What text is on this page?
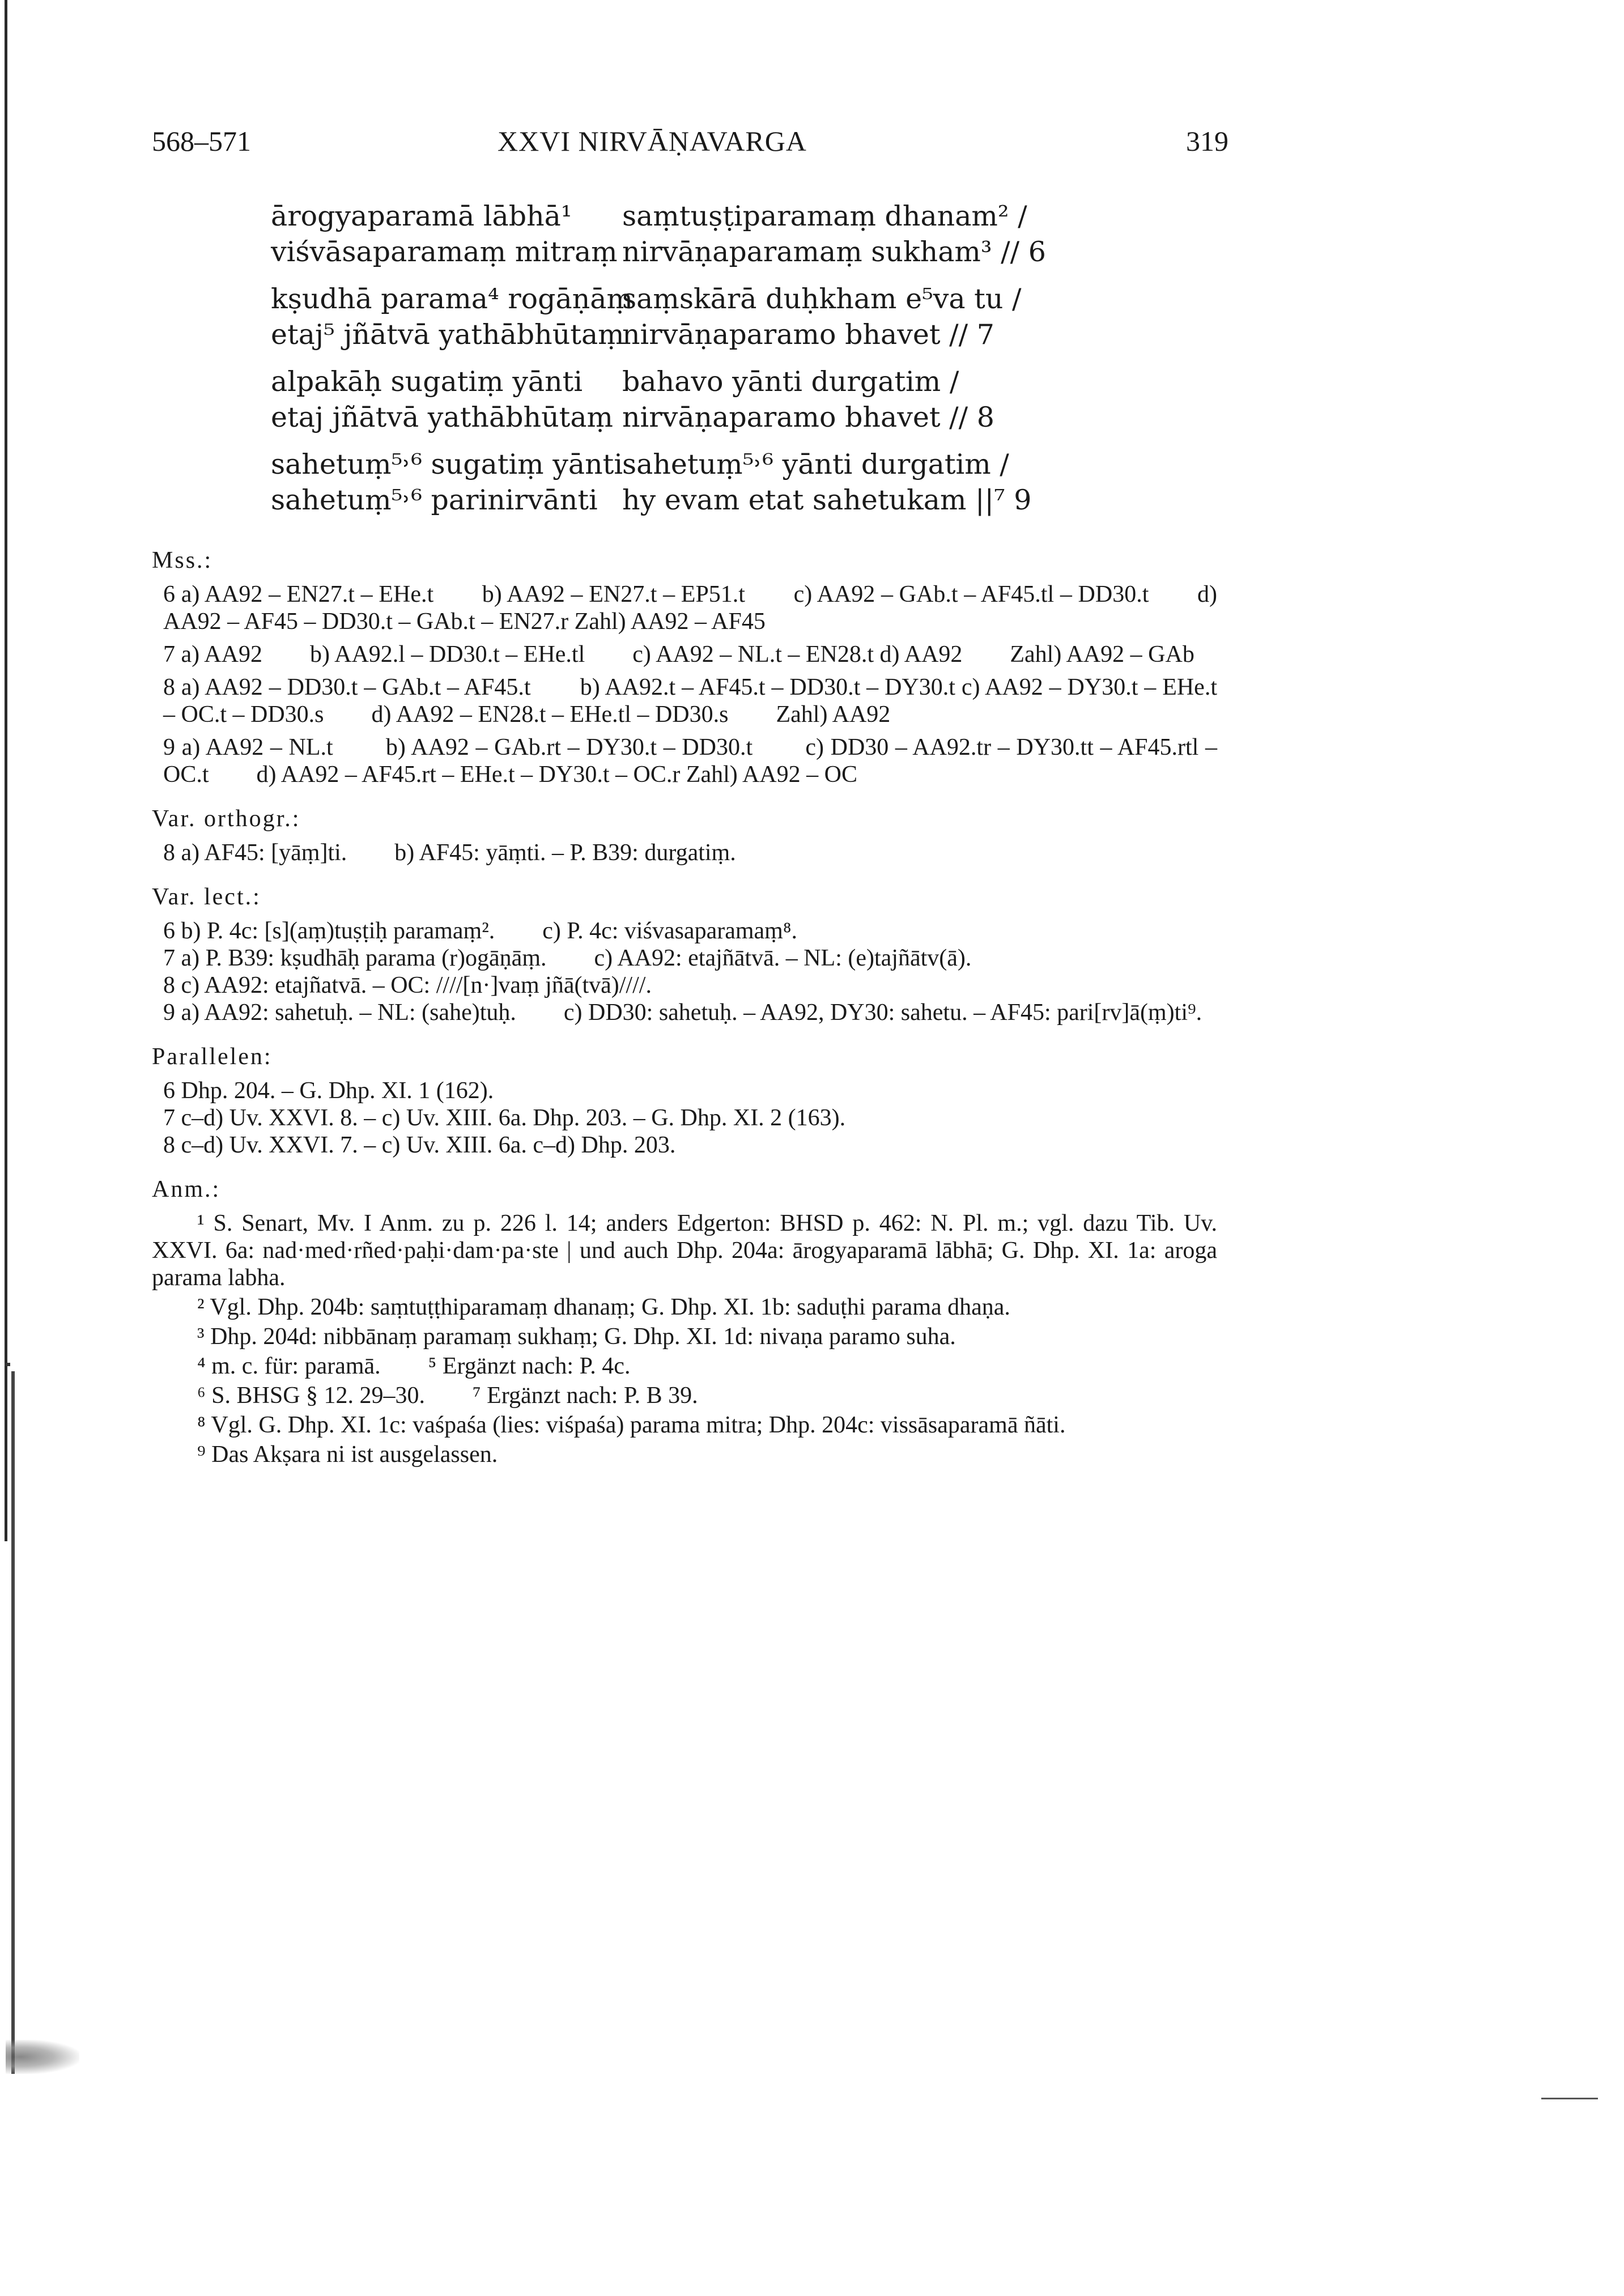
568–571	XXVI NIRVĀṆAVARGA	319
ārogyaparamā lābhā¹ saṃtuṣṭiparamaṃ dhanam² /
viśvāsaparamaṃ mitraṃ nirvāṇaparamaṃ sukham³ // 6
kṣudhā parama⁴ rogāṇāṃ
saṃskārā duḥkham e⁵va tu /
etaj⁵ jñātvā yathābhūtaṃ
nirvāṇaparamo bhavet // 7
alpakāḥ sugatiṃ yānti bahavo yānti durgatim /
etaj jñātvā yathābhūtaṃ nirvāṇaparamo bhavet // 8
sahetuṃ⁵˒⁶ sugatiṃ yānti
sahetuṃ⁵˒⁶ yānti durgatim /
sahetuṃ⁵˒⁶ parinirvānti hy evam etat sahetukam ||⁷ 9
Mss.:
6 a) AA92 – EN27.t – EHe.t        b) AA92 – EN27.t – EP51.t        c) AA92 – GAb.t – AF45.tl – DD30.t        d) AA92 – AF45 – DD30.t – GAb.t – EN27.r Zahl) AA92 – AF45
7 a) AA92        b) AA92.l – DD30.t – EHe.tl        c) AA92 – NL.t – EN28.t d) AA92        Zahl) AA92 – GAb
8 a) AA92 – DD30.t – GAb.t – AF45.t        b) AA92.t – AF45.t – DD30.t – DY30.t c) AA92 – DY30.t – EHe.t – OC.t – DD30.s        d) AA92 – EN28.t – EHe.tl – DD30.s        Zahl) AA92
9 a) AA92 – NL.t        b) AA92 – GAb.rt – DY30.t – DD30.t        c) DD30 – AA92.tr – DY30.tt – AF45.rtl – OC.t        d) AA92 – AF45.rt – EHe.t – DY30.t – OC.r Zahl) AA92 – OC
Var. orthogr.:
8 a) AF45: [yāṃ]ti.        b) AF45: yāṃti. – P. B39: durgatiṃ.
Var. lect.:
6 b) P. 4c: [s](aṃ)tuṣṭiḥ paramaṃ².        c) P. 4c: viśvasaparamaṃ⁸.
7 a) P. B39: kṣudhāḥ parama (r)ogāṇāṃ.        c) AA92: etajñātvā. – NL: (e)tajñātv(ā).
8 c) AA92: etajñatvā. – OC: ////[n·]vaṃ jñā(tvā)////.
9 a) AA92: sahetuḥ. – NL: (sahe)tuḥ.        c) DD30: sahetuḥ. – AA92, DY30: sahetu. – AF45: pari[rv]ā(ṃ)ti⁹.
Parallelen:
6 Dhp. 204. – G. Dhp. XI. 1 (162).
7 c–d) Uv. XXVI. 8. – c) Uv. XIII. 6a. Dhp. 203. – G. Dhp. XI. 2 (163).
8 c–d) Uv. XXVI. 7. – c) Uv. XIII. 6a. c–d) Dhp. 203.
Anm.:
¹ S. Senart, Mv. I Anm. zu p. 226 l. 14; anders Edgerton: BHSD p. 462: N. Pl. m.; vgl. dazu Tib. Uv. XXVI. 6a: nad·med·rñed·paḥi·dam·pa·ste | und auch Dhp. 204a: ārogyaparamā lābhā; G. Dhp. XI. 1a: aroga parama labha.
² Vgl. Dhp. 204b: saṃtuṭṭhiparamaṃ dhanaṃ; G. Dhp. XI. 1b: saduṭhi parama dhaṇa.
³ Dhp. 204d: nibbānaṃ paramaṃ sukhaṃ; G. Dhp. XI. 1d: nivaṇa paramo suha.
⁴ m. c. für: paramā.        ⁵ Ergänzt nach: P. 4c.
⁶ S. BHSG § 12. 29–30.        ⁷ Ergänzt nach: P. B 39.
⁸ Vgl. G. Dhp. XI. 1c: vaśpaśa (lies: viśpaśa) parama mitra; Dhp. 204c: vissāsaparamā ñāti.
⁹ Das Akṣara ni ist ausgelassen.
